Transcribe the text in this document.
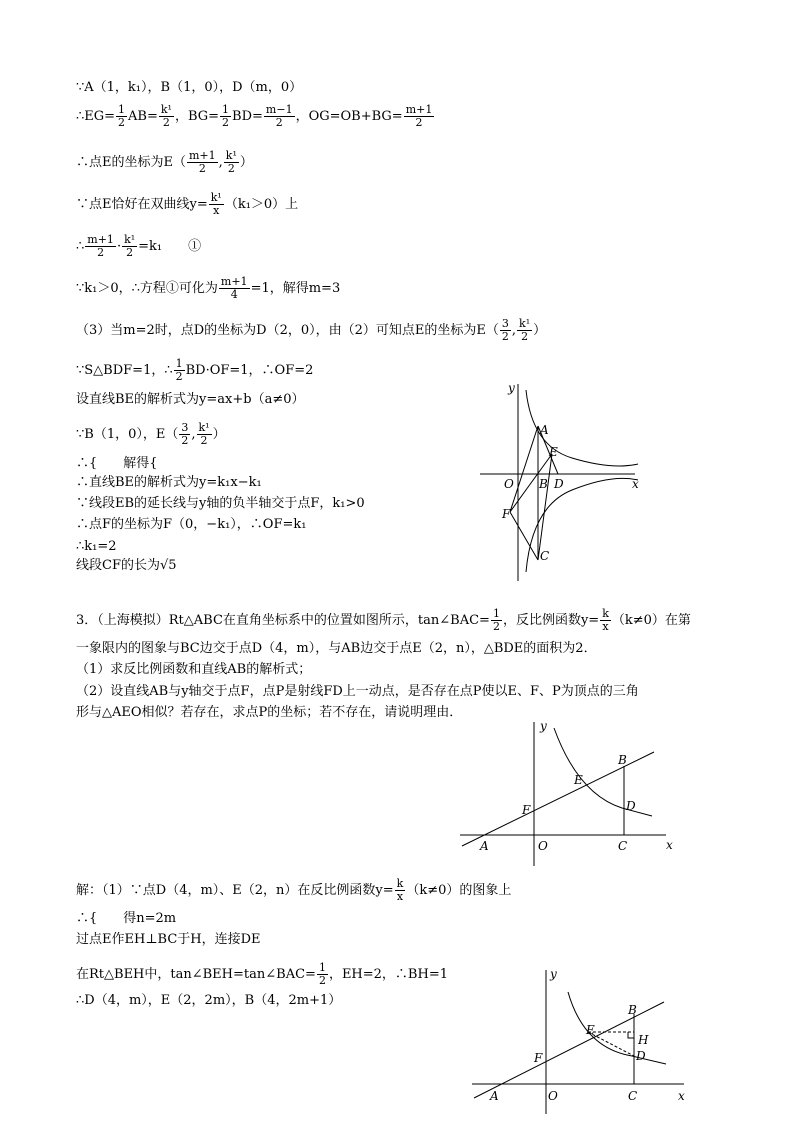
∵A（1，k₁），B（1，0），D（m，0）
∴EG= $\frac{1}{2} AB= \frac{\text{k¹}}{2}$ ，$BG= \frac{1}{2} BD= \frac{m-1}{2}$ ，$OG=OB+BG= \frac{m+1}{2}$
∴点E的坐标为$E( \frac{m+1}{2}$ , $\frac{\text{k¹}}{2}$ ）
∵点E恰好在双曲线$y= \frac{\text{k¹}}{x} (k_1>0)$上
∴ $\frac{m+1}{2} \cdot \frac{\text{k¹}}{2} =k_1$　　①
∵k₁＞0，∴方程①可化为 $\frac{m+1}{4} =1$，解得m=3
（3）当m=2时，点D的坐标为D（2，0），由（2）可知点E的坐标为$E( \frac{3}{2}$ , $\frac{\text{k¹}}{2}$ ）
∵S△BDF=1，∴ $\frac{1}{2} BD\cdot OF=1$，∴OF=2
设直线BE的解析式为y=ax+b（a≠0）
∵B（1，0），$E( \frac{3}{2}$ , $\frac{\text{k¹}}{2}$ ）
∴{　　解得{
∴直线BE的解析式为y=k₁x−k₁
∵线段EB的延长线与y轴的负半轴交于点F，k₁>0
∴点F的坐标为F（0，−k₁），∴OF=k₁
∴k₁=2
线段CF的长为√5
y
x
O
A
E
B D
F
C
3．（上海模拟）Rt△ABC在直角坐标系中的位置如图所示，tan∠BAC= $\frac{1}{2}$ ，反比例函数$y= \frac{k}{x} (k\ne 0)$在第
一象限内的图象与BC边交于点D（4，m），与AB边交于点E（2，n），△BDE的面积为2．
（1）求反比例函数和直线AB的解析式；
（2）设直线AB与y轴交于点F，点P是射线FD上一动点，是否存在点P使以E、F、P为顶点的三角
形与△AEO相似？若存在，求点P的坐标；若不存在，请说明理由．
y
x
O
A
E
B
D
F
C
解：（1）∵点D（4，m）、E（2，n）在反比例函数$y= \frac{k}{x} (k\ne 0)$的图象上
∴{　　得n=2m
过点E作EH⊥BC于H，连接DE
在Rt△BEH中，tan∠BEH=tan∠BAC= $\frac{1}{2}$ ，EH=2，∴BH=1
∴D（4，m），E（2，2m），B（4，2m+1）
y
x
O
A
E
B
H
D
F
C
